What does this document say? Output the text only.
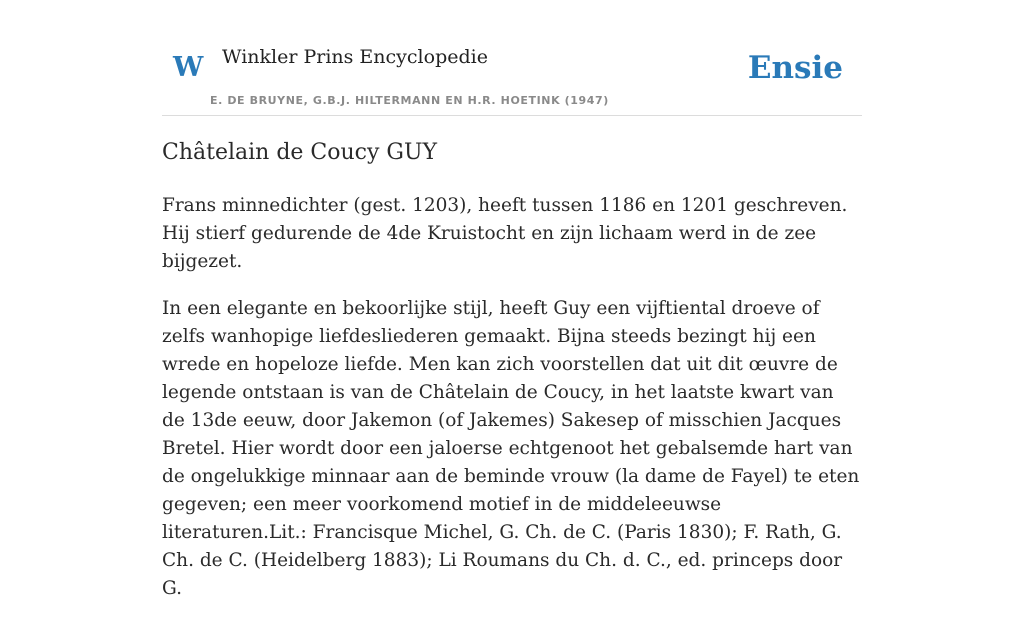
W Winkler Prins Encyclopedie
E. DE BRUYNE, G.B.J. HILTERMANN EN H.R. HOETINK (1947)
Ensie
Châtelain de Coucy GUY

Frans minnedichter (gest. 1203), heeft tussen 1186 en 1201 geschreven. Hij stierf gedurende de 4de Kruistocht en zijn lichaam werd in de zee bijgezet.

In een elegante en bekoorlijke stijl, heeft Guy een vijftiental droeve of zelfs wanhopige liefdesliederen gemaakt. Bijna steeds bezingt hij een wrede en hopeloze liefde. Men kan zich voorstellen dat uit dit œuvre de legende ontstaan is van de Châtelain de Coucy, in het laatste kwart van de 13de eeuw, door Jakemon (of Jakemes) Sakesep of misschien Jacques Bretel. Hier wordt door een jaloerse echtgenoot het gebalsemde hart van de ongelukkige minnaar aan de beminde vrouw (la dame de Fayel) te eten gegeven; een meer voorkomend motief in de middeleeuwse literaturen.Lit.: Francisque Michel, G. Ch. de C. (Paris 1830); F. Rath, G. Ch. de C. (Heidelberg 1883); Li Roumans du Ch. d. C., ed. princeps door G.
